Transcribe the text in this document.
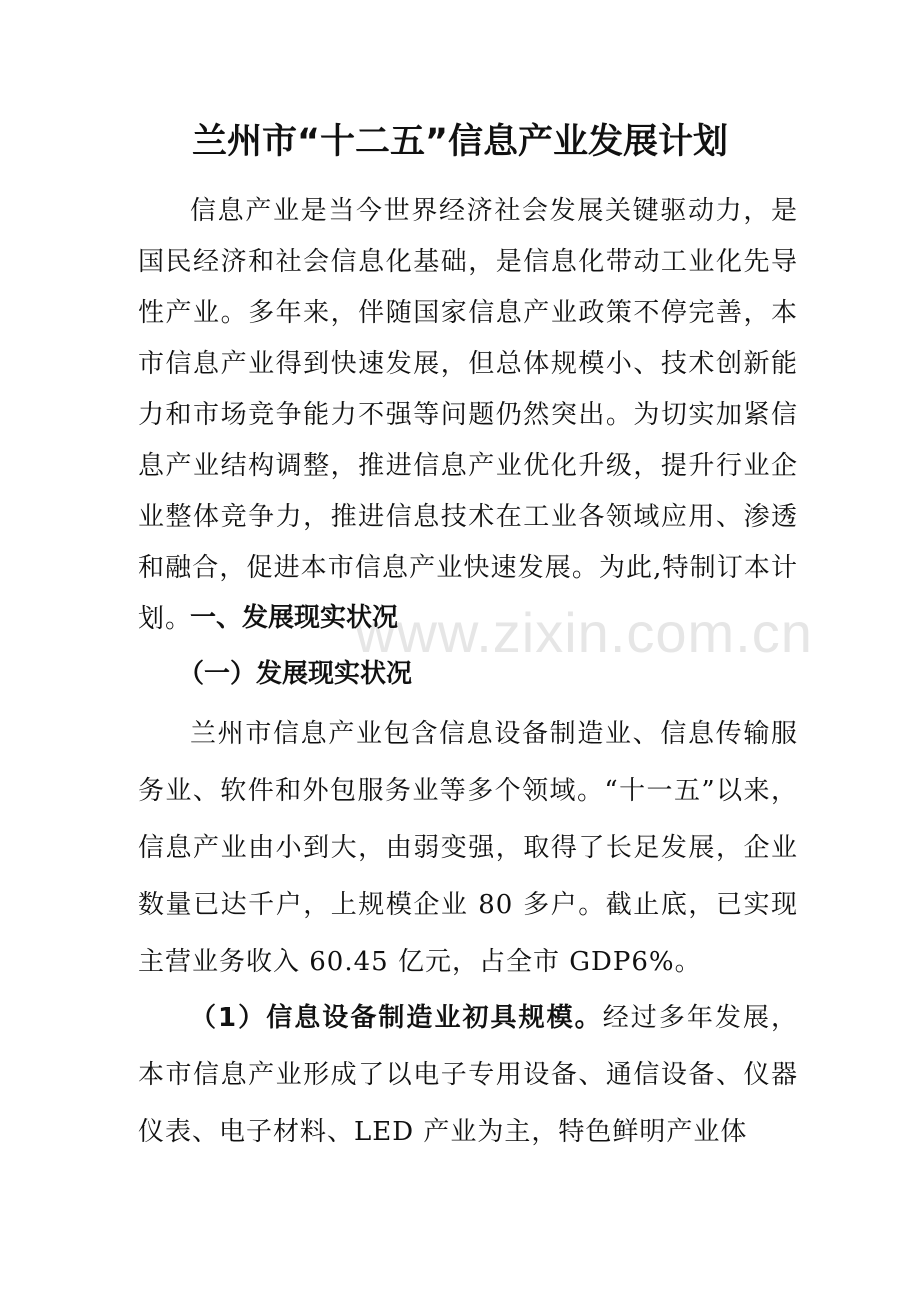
www.zixin.com.cn
兰州市“十二五”信息产业发展计划

信息产业是当今世界经济社会发展关键驱动力，是国民经济和社会信息化基础，是信息化带动工业化先导性产业。多年来，伴随国家信息产业政策不停完善，本市信息产业得到快速发展，但总体规模小、技术创新能力和市场竞争能力不强等问题仍然突出。为切实加紧信息产业结构调整，推进信息产业优化升级，提升行业企业整体竞争力，推进信息技术在工业各领域应用、渗透和融合，促进本市信息产业快速发展。为此,特制订本计划。

一、发展现实状况
（一）发展现实状况

兰州市信息产业包含信息设备制造业、信息传输服务业、软件和外包服务业等多个领域。“十一五”以来，信息产业由小到大，由弱变强，取得了长足发展，企业数量已达千户，上规模企业 80 多户。截止底，已实现主营业务收入 60.45 亿元，占全市 GDP6%。

（1）信息设备制造业初具规模。经过多年发展，本市信息产业形成了以电子专用设备、通信设备、仪器仪表、电子材料、LED 产业为主，特色鲜明产业体
